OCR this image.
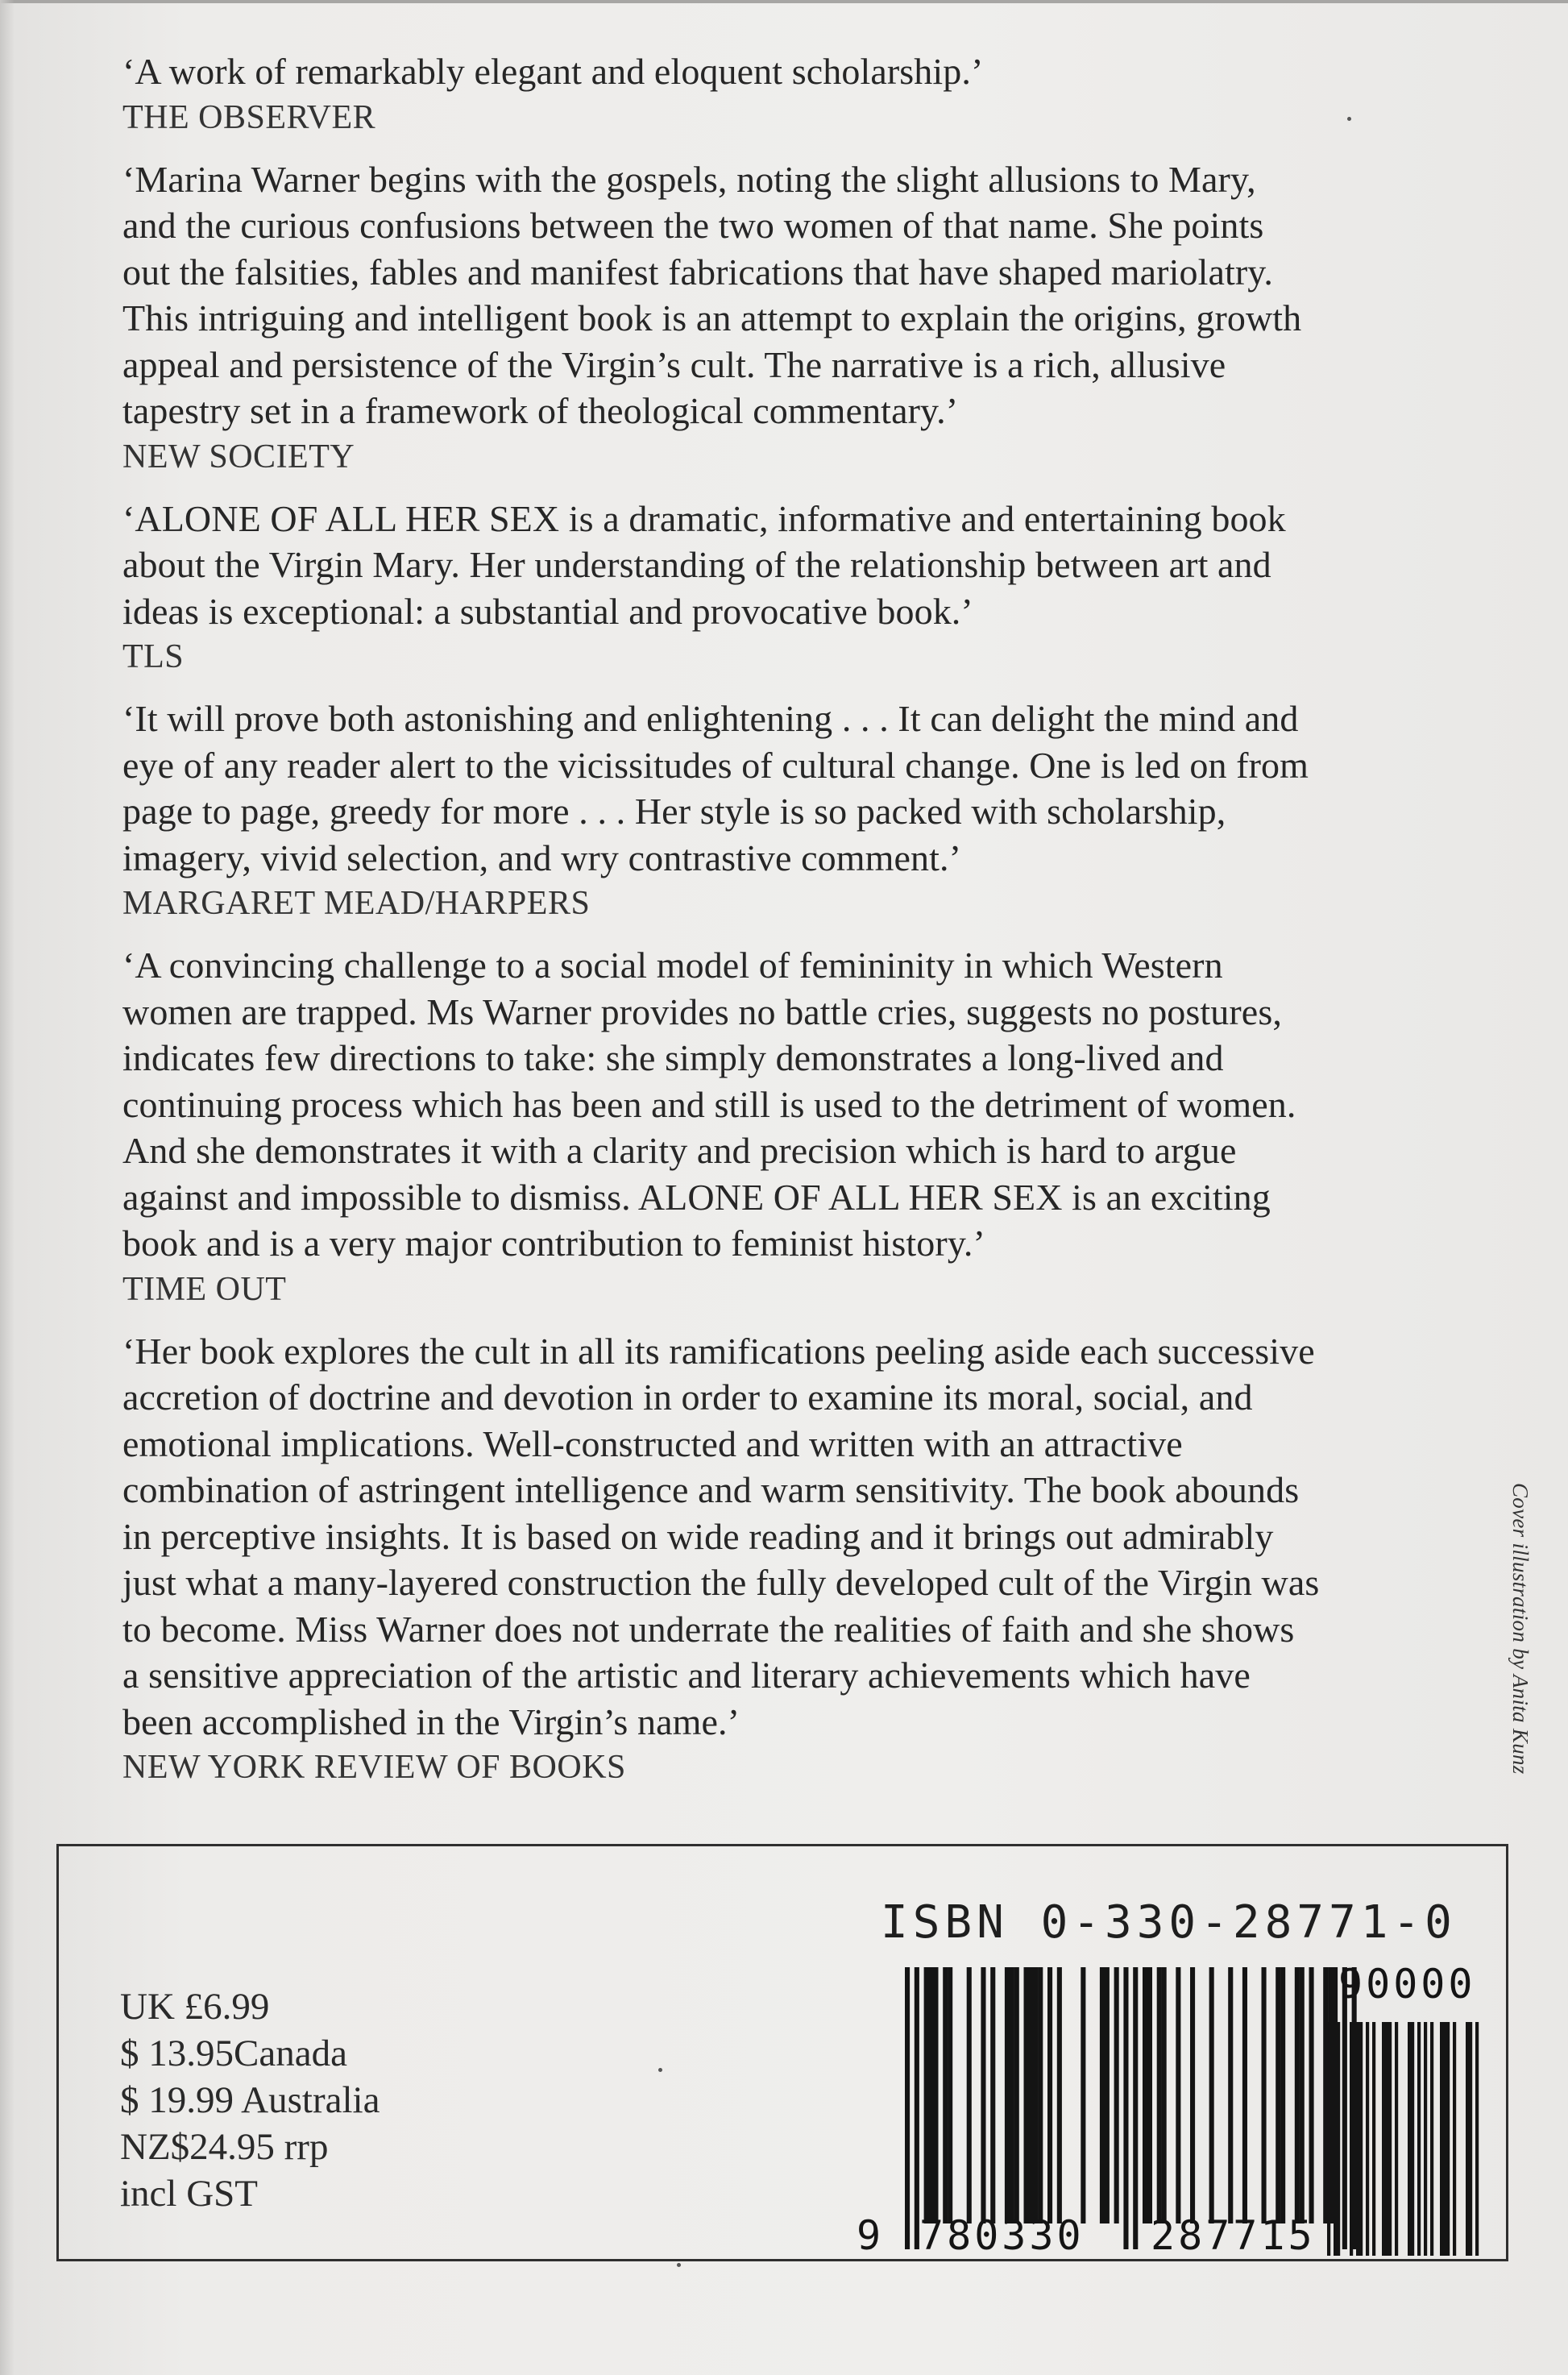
‘A work of remarkably elegant and eloquent scholarship.’
THE OBSERVER
‘Marina Warner begins with the gospels, noting the slight allusions to Mary,
and the curious confusions between the two women of that name. She points
out the falsities, fables and manifest fabrications that have shaped mariolatry.
This intriguing and intelligent book is an attempt to explain the origins, growth
appeal and persistence of the Virgin’s cult. The narrative is a rich, allusive
tapestry set in a framework of theological commentary.’
NEW SOCIETY
‘ALONE OF ALL HER SEX is a dramatic, informative and entertaining book
about the Virgin Mary. Her understanding of the relationship between art and
ideas is exceptional: a substantial and provocative book.’
TLS
‘It will prove both astonishing and enlightening . . . It can delight the mind and
eye of any reader alert to the vicissitudes of cultural change. One is led on from
page to page, greedy for more . . . Her style is so packed with scholarship,
imagery, vivid selection, and wry contrastive comment.’
MARGARET MEAD/HARPERS
‘A convincing challenge to a social model of femininity in which Western
women are trapped. Ms Warner provides no battle cries, suggests no postures,
indicates few directions to take: she simply demonstrates a long-lived and
continuing process which has been and still is used to the detriment of women.
And she demonstrates it with a clarity and precision which is hard to argue
against and impossible to dismiss. ALONE OF ALL HER SEX is an exciting
book and is a very major contribution to feminist history.’
TIME OUT
‘Her book explores the cult in all its ramifications peeling aside each successive
accretion of doctrine and devotion in order to examine its moral, social, and
emotional implications. Well-constructed and written with an attractive
combination of astringent intelligence and warm sensitivity. The book abounds
in perceptive insights. It is based on wide reading and it brings out admirably
just what a many-layered construction the fully developed cult of the Virgin was
to become. Miss Warner does not underrate the realities of faith and she shows
a sensitive appreciation of the artistic and literary achievements which have
been accomplished in the Virgin’s name.’
NEW YORK REVIEW OF BOOKS	Cover illustration by Anita Kunz
UK £6.99
$ 13.95Canada
$ 19.99 Australia
NZ$24.95 rrp
incl GST
ISBN 0-330-28771-0
9 780330 287715
90000
